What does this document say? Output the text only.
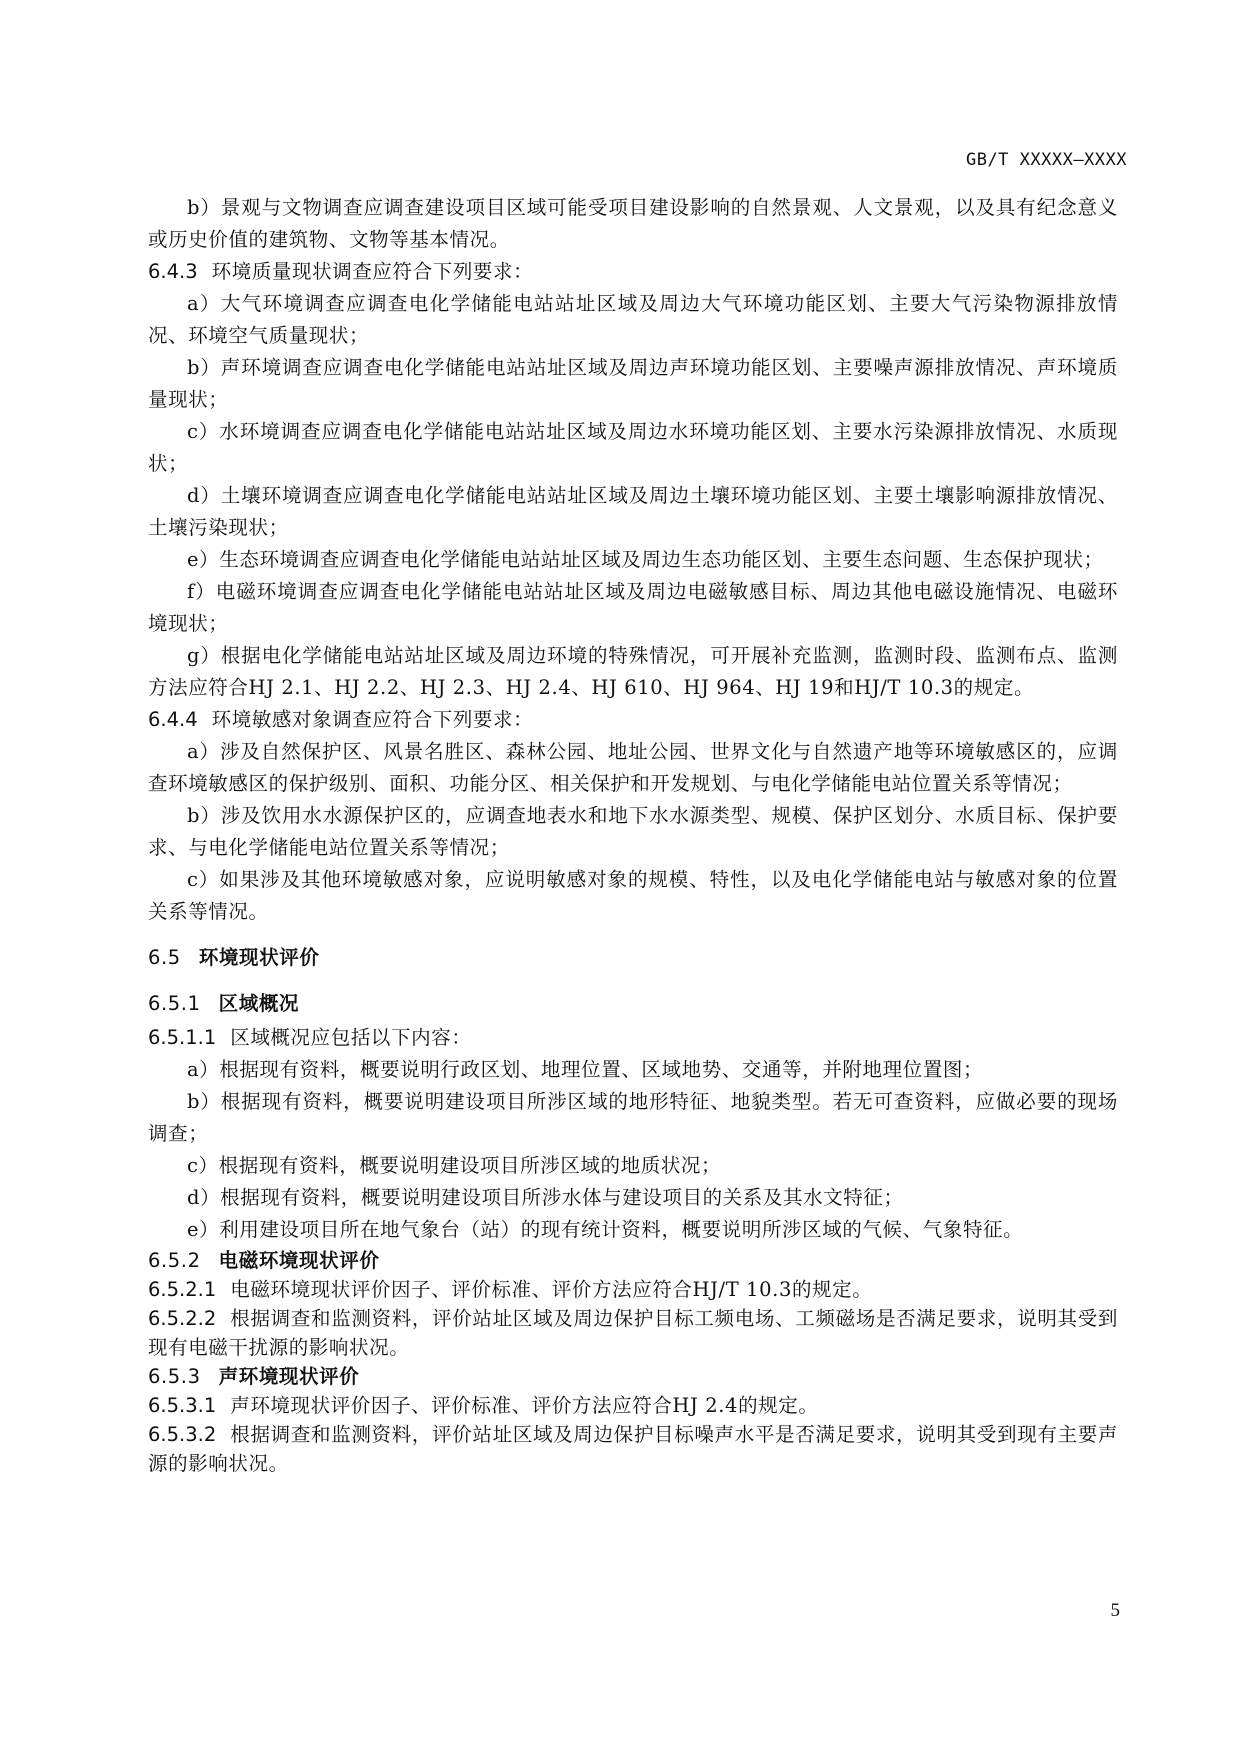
GB/T XXXXX—XXXX

b）景观与文物调查应调查建设项目区域可能受项目建设影响的自然景观、人文景观，以及具有纪念意义或历史价值的建筑物、文物等基本情况。

6.4.3 环境质量现状调查应符合下列要求：

a）大气环境调查应调查电化学储能电站站址区域及周边大气环境功能区划、主要大气污染物源排放情况、环境空气质量现状；

b）声环境调查应调查电化学储能电站站址区域及周边声环境功能区划、主要噪声源排放情况、声环境质量现状；

c）水环境调查应调查电化学储能电站站址区域及周边水环境功能区划、主要水污染源排放情况、水质现状；

d）土壤环境调查应调查电化学储能电站站址区域及周边土壤环境功能区划、主要土壤影响源排放情况、土壤污染现状；

e）生态环境调查应调查电化学储能电站站址区域及周边生态功能区划、主要生态问题、生态保护现状；

f）电磁环境调查应调查电化学储能电站站址区域及周边电磁敏感目标、周边其他电磁设施情况、电磁环境现状；

g）根据电化学储能电站站址区域及周边环境的特殊情况，可开展补充监测，监测时段、监测布点、监测方法应符合HJ 2.1、HJ 2.2、HJ 2.3、HJ 2.4、HJ 610、HJ 964、HJ 19和HJ/T 10.3的规定。

6.4.4 环境敏感对象调查应符合下列要求：

a）涉及自然保护区、风景名胜区、森林公园、地址公园、世界文化与自然遗产地等环境敏感区的，应调查环境敏感区的保护级别、面积、功能分区、相关保护和开发规划、与电化学储能电站位置关系等情况；

b）涉及饮用水水源保护区的，应调查地表水和地下水水源类型、规模、保护区划分、水质目标、保护要求、与电化学储能电站位置关系等情况；

c）如果涉及其他环境敏感对象，应说明敏感对象的规模、特性，以及电化学储能电站与敏感对象的位置关系等情况。

6.5 环境现状评价

6.5.1 区域概况

6.5.1.1 区域概况应包括以下内容：

a）根据现有资料，概要说明行政区划、地理位置、区域地势、交通等，并附地理位置图；

b）根据现有资料，概要说明建设项目所涉区域的地形特征、地貌类型。若无可查资料，应做必要的现场调查；

c）根据现有资料，概要说明建设项目所涉区域的地质状况；

d）根据现有资料，概要说明建设项目所涉水体与建设项目的关系及其水文特征；

e）利用建设项目所在地气象台（站）的现有统计资料，概要说明所涉区域的气候、气象特征。

6.5.2 电磁环境现状评价

6.5.2.1 电磁环境现状评价因子、评价标准、评价方法应符合HJ/T 10.3的规定。

6.5.2.2 根据调查和监测资料，评价站址区域及周边保护目标工频电场、工频磁场是否满足要求，说明其受到现有电磁干扰源的影响状况。

6.5.3 声环境现状评价

6.5.3.1 声环境现状评价因子、评价标准、评价方法应符合HJ 2.4的规定。

6.5.3.2 根据调查和监测资料，评价站址区域及周边保护目标噪声水平是否满足要求，说明其受到现有主要声源的影响状况。

5
